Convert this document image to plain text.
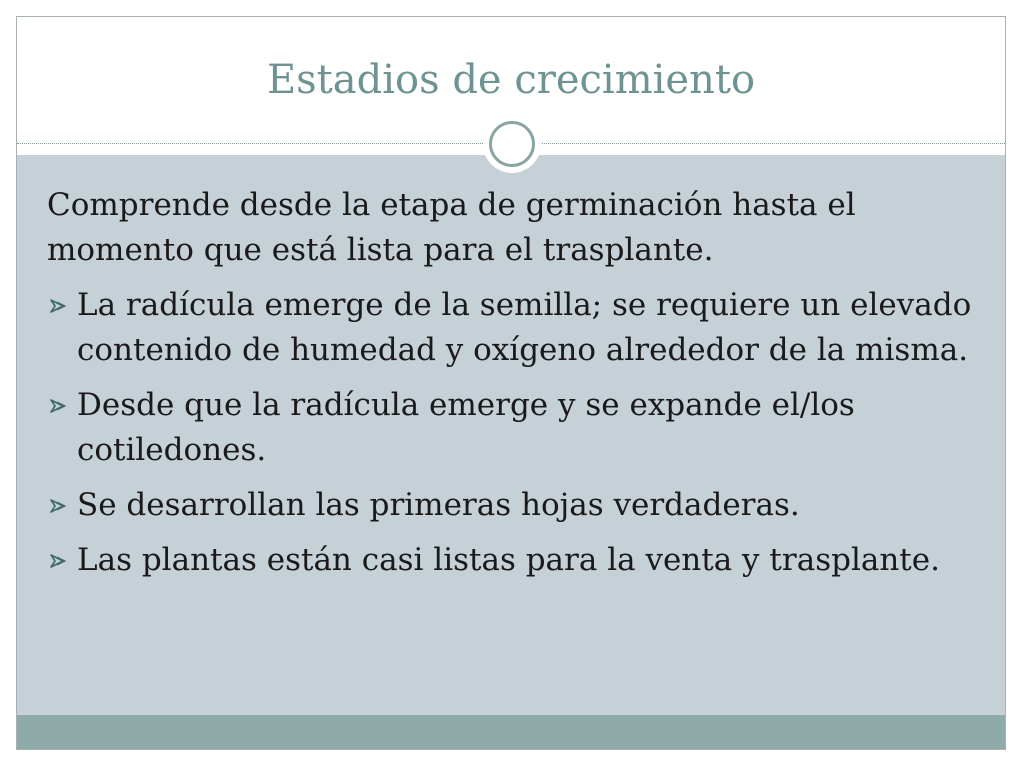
Estadios de crecimiento

Comprende desde la etapa de germinación hasta el momento que está lista para el trasplante.

La radícula emerge de la semilla; se requiere un elevado contenido de humedad y oxígeno alrededor de la misma.
Desde que la radícula emerge y se expande el/los cotiledones.
Se desarrollan las primeras hojas verdaderas.
Las plantas están casi listas para la venta y trasplante.
